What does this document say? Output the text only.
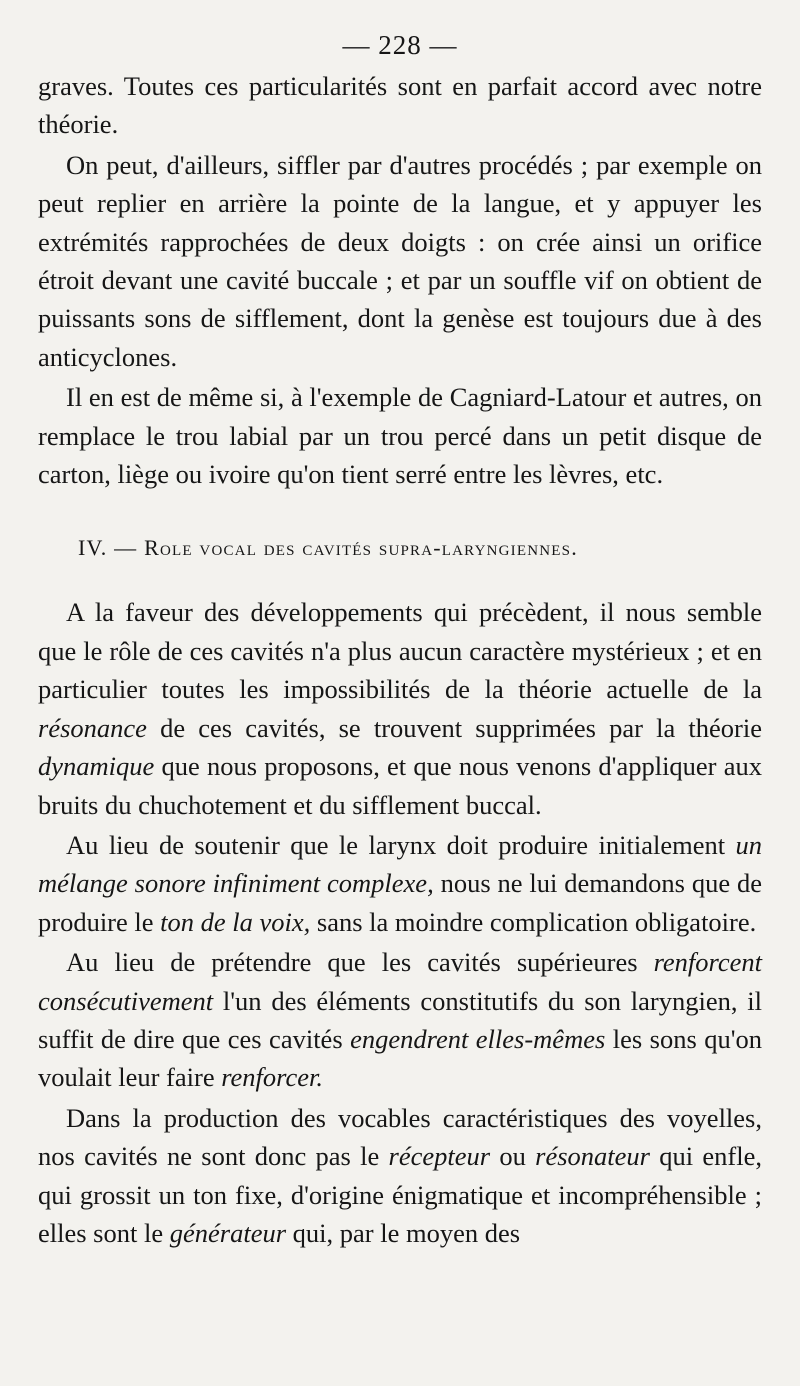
— 228 —

graves. Toutes ces particularités sont en parfait accord avec notre théorie.

On peut, d'ailleurs, siffler par d'autres procédés ; par exemple on peut replier en arrière la pointe de la langue, et y appuyer les extrémités rapprochées de deux doigts : on crée ainsi un orifice étroit devant une cavité buccale ; et par un souffle vif on obtient de puissants sons de sifflement, dont la genèse est toujours due à des anticyclones.

Il en est de même si, à l'exemple de Cagniard-Latour et autres, on remplace le trou labial par un trou percé dans un petit disque de carton, liège ou ivoire qu'on tient serré entre les lèvres, etc.

IV. — Role vocal des cavités supra-laryngiennes.

A la faveur des développements qui précèdent, il nous semble que le rôle de ces cavités n'a plus aucun caractère mystérieux ; et en particulier toutes les impossibilités de la théorie actuelle de la résonance de ces cavités, se trouvent supprimées par la théorie dynamique que nous proposons, et que nous venons d'appliquer aux bruits du chuchotement et du sifflement buccal.

Au lieu de soutenir que le larynx doit produire initialement un mélange sonore infiniment complexe, nous ne lui demandons que de produire le ton de la voix, sans la moindre complication obligatoire.

Au lieu de prétendre que les cavités supérieures renforcent consécutivement l'un des éléments constitutifs du son laryngien, il suffit de dire que ces cavités engendrent elles-mêmes les sons qu'on voulait leur faire renforcer.

Dans la production des vocables caractéristiques des voyelles, nos cavités ne sont donc pas le récepteur ou résonateur qui enfle, qui grossit un ton fixe, d'origine énigmatique et incompréhensible ; elles sont le générateur qui, par le moyen des
